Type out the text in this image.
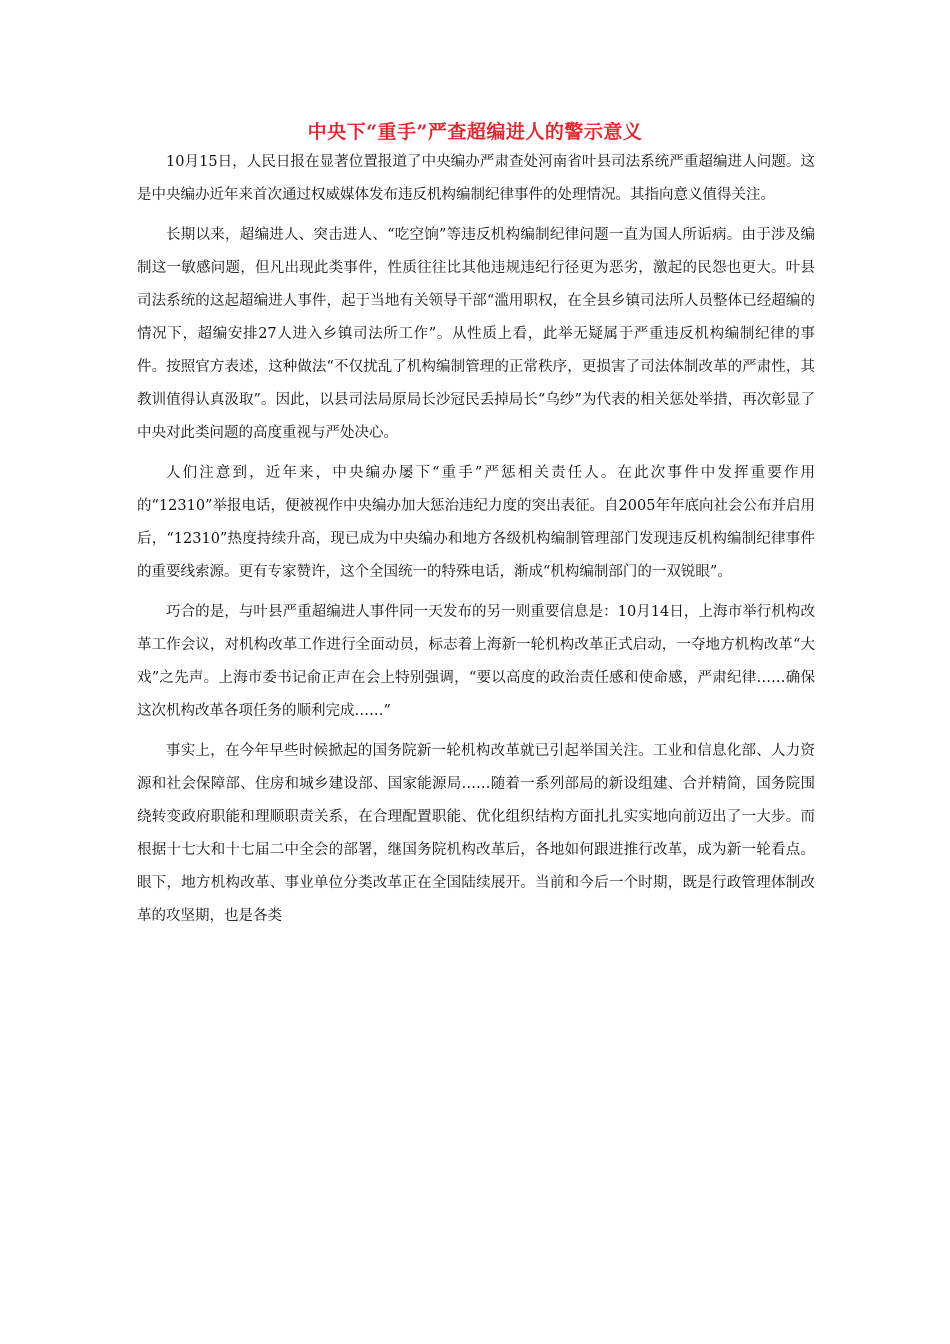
中央下“重手”严查超编进人的警示意义

10月15日，人民日报在显著位置报道了中央编办严肃查处河南省叶县司法系统严重超编进人问题。这是中央编办近年来首次通过权威媒体发布违反机构编制纪律事件的处理情况。其指向意义值得关注。

长期以来，超编进人、突击进人、“吃空饷”等违反机构编制纪律问题一直为国人所诟病。由于涉及编制这一敏感问题，但凡出现此类事件，性质往往比其他违规违纪行径更为恶劣，激起的民怨也更大。叶县司法系统的这起超编进人事件，起于当地有关领导干部“滥用职权，在全县乡镇司法所人员整体已经超编的情况下，超编安排27人进入乡镇司法所工作”。从性质上看，此举无疑属于严重违反机构编制纪律的事件。按照官方表述，这种做法“不仅扰乱了机构编制管理的正常秩序，更损害了司法体制改革的严肃性，其教训值得认真汲取”。因此，以县司法局原局长沙冠民丢掉局长“乌纱”为代表的相关惩处举措，再次彰显了中央对此类问题的高度重视与严处决心。

人们注意到，近年来，中央编办屡下“重手”严惩相关责任人。在此次事件中发挥重要作用的“12310”举报电话，便被视作中央编办加大惩治违纪力度的突出表征。自2005年年底向社会公布并启用后，“12310”热度持续升高，现已成为中央编办和地方各级机构编制管理部门发现违反机构编制纪律事件的重要线索源。更有专家赞许，这个全国统一的特殊电话，渐成“机构编制部门的一双锐眼”。

巧合的是，与叶县严重超编进人事件同一天发布的另一则重要信息是：10月14日，上海市举行机构改革工作会议，对机构改革工作进行全面动员，标志着上海新一轮机构改革正式启动，一夺地方机构改革“大戏”之先声。上海市委书记俞正声在会上特别强调，“要以高度的政治责任感和使命感，严肃纪律……确保这次机构改革各项任务的顺利完成……”

事实上，在今年早些时候掀起的国务院新一轮机构改革就已引起举国关注。工业和信息化部、人力资源和社会保障部、住房和城乡建设部、国家能源局……随着一系列部局的新设组建、合并精简，国务院围绕转变政府职能和理顺职责关系，在合理配置职能、优化组织结构方面扎扎实实地向前迈出了一大步。而根据十七大和十七届二中全会的部署，继国务院机构改革后，各地如何跟进推行改革，成为新一轮看点。眼下，地方机构改革、事业单位分类改革正在全国陆续展开。当前和今后一个时期，既是行政管理体制改革的攻坚期，也是各类
